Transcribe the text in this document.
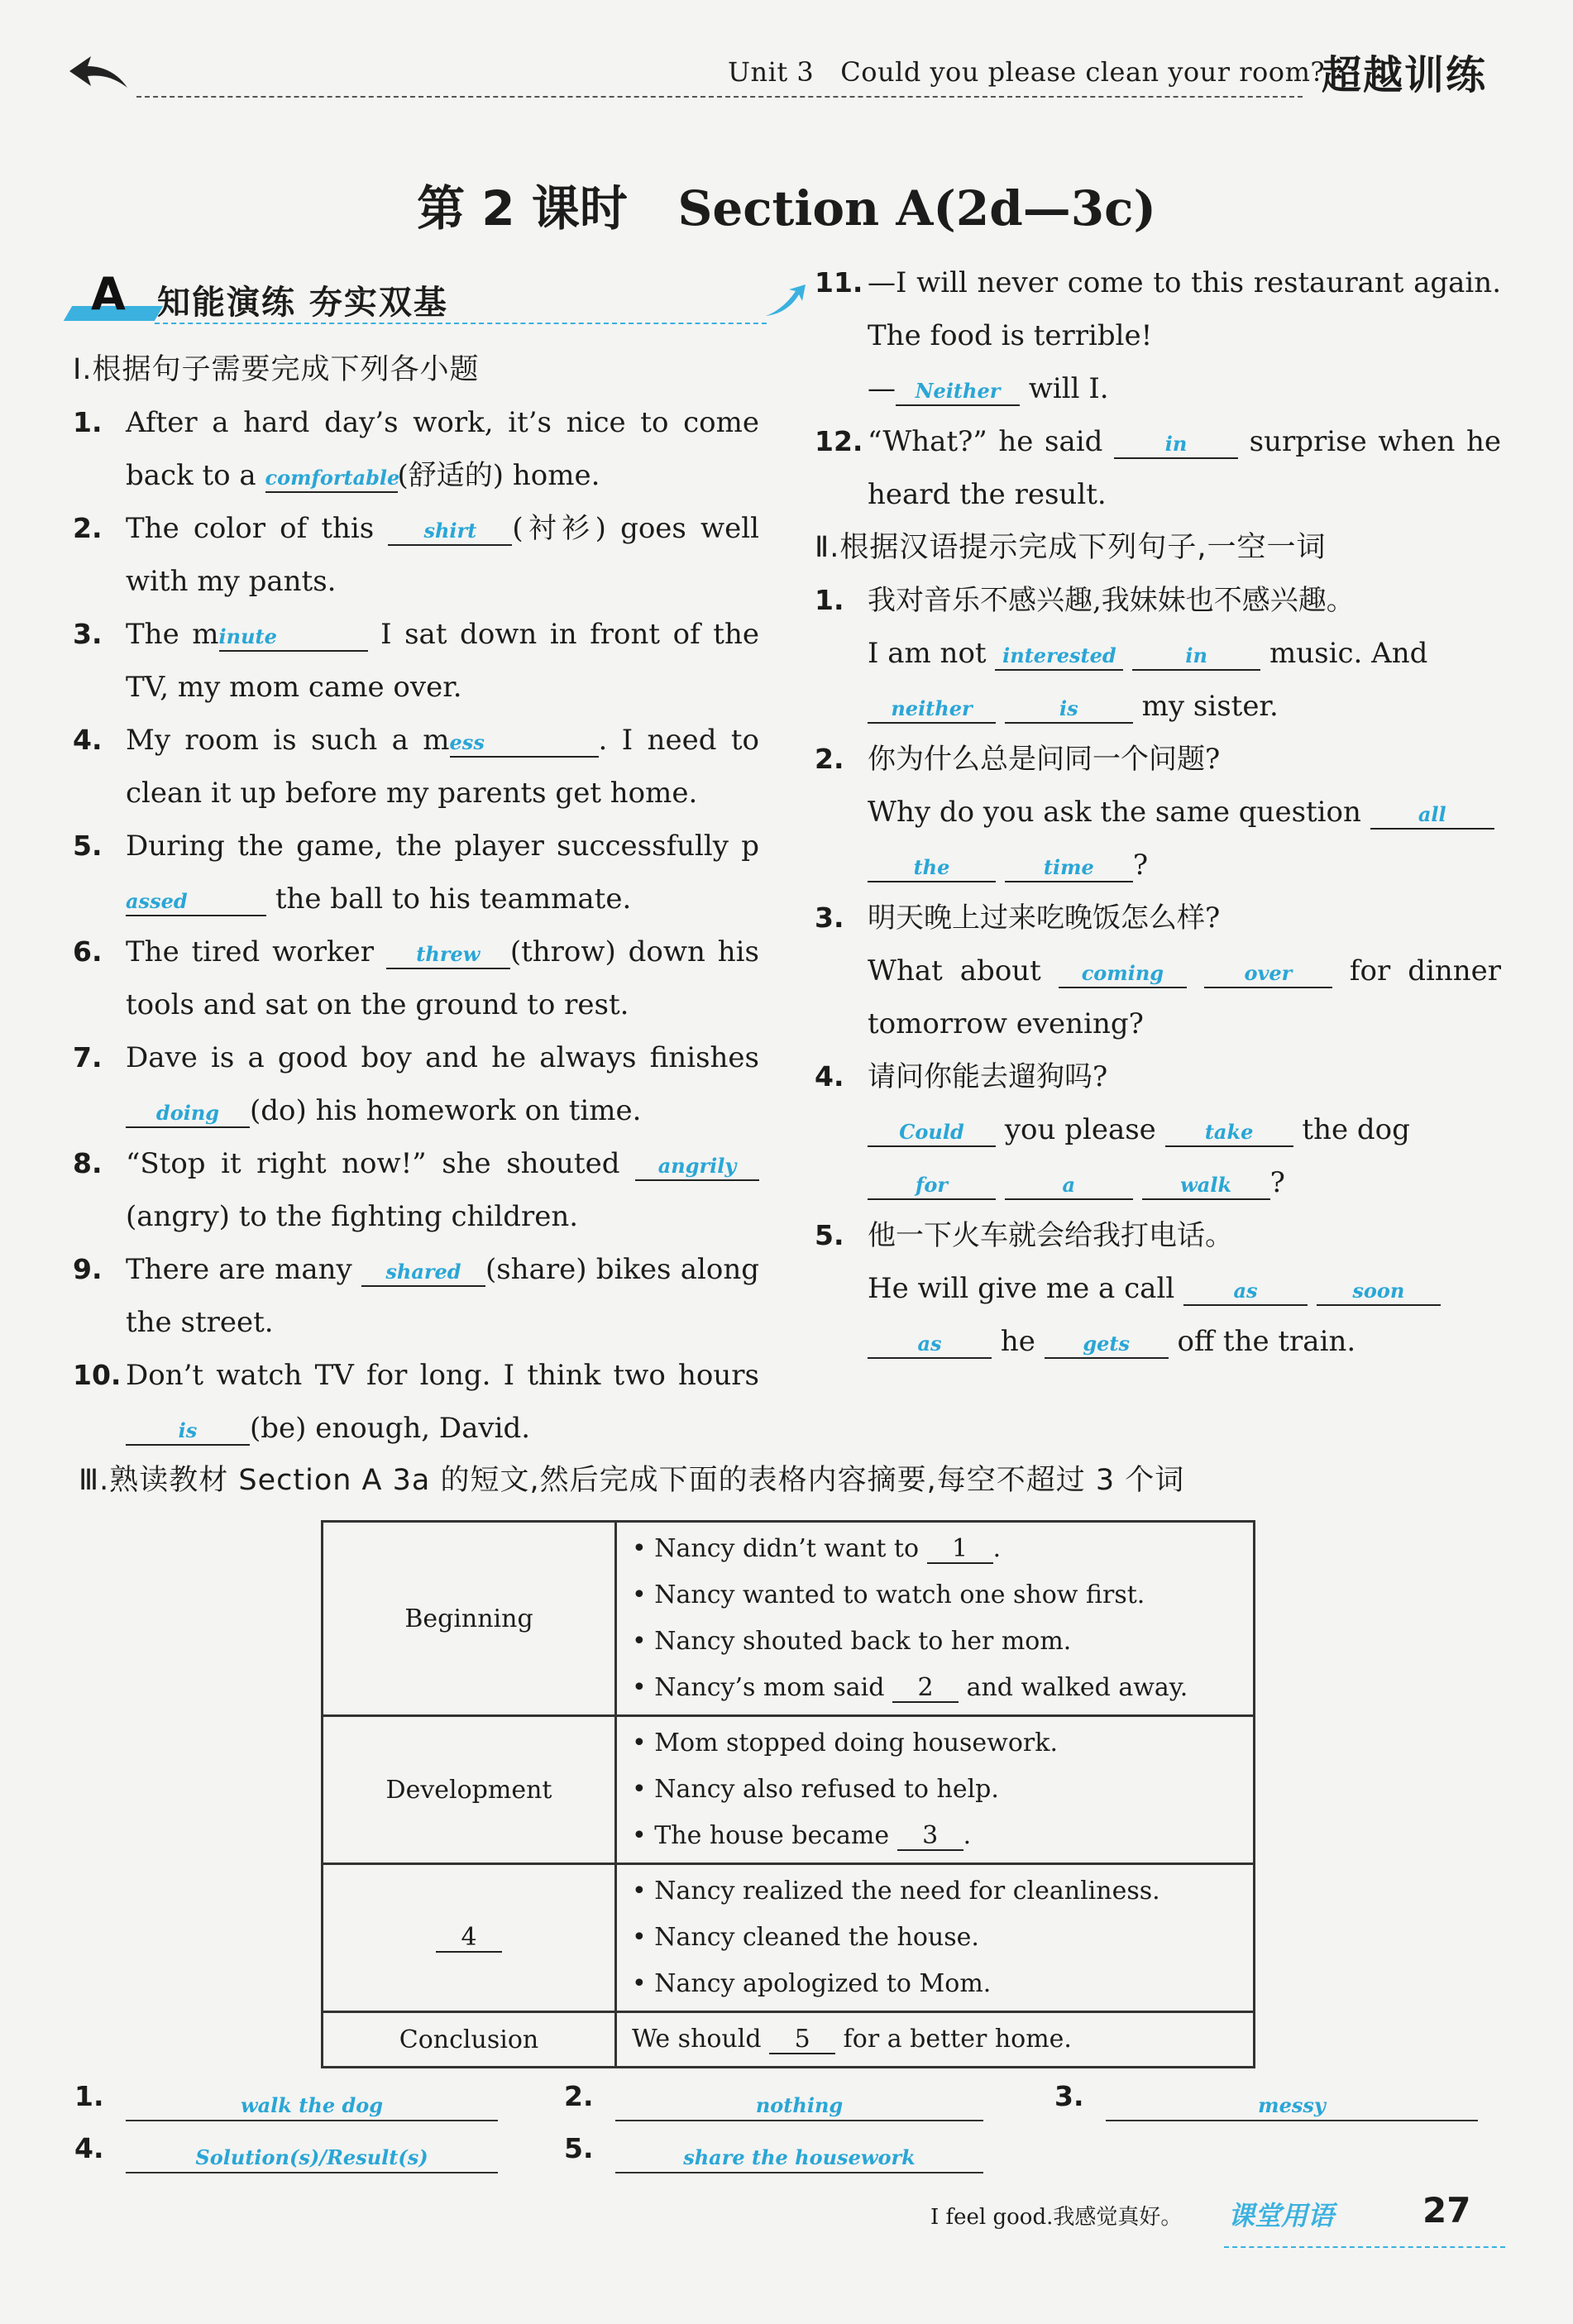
Unit 3 Could you please clean your room?
超越训练
第 2 课时 Section A(2d—3c)
A 知能演练 夯实双基
Ⅰ.根据句子需要完成下列各小题
1. After a hard day’s work, it’s nice to come back to a comfortable(舒适的) home.
2. The color of this	shirt (衬衫) goes well with my pants.
3. The minute	I sat down in front of the TV, my mom came over.
4. My room is such a mess	. I need to clean it up before my parents get home.
5. During the game, the player successfully passed	the ball to his teammate.
6. The tired worker threw (throw) down his tools and sat on the ground to rest.
7. Dave is a good boy and he always finishes doing (do) his homework on time.
8. “Stop it right now!” she shouted angrily(angry) to the fighting children.
9. There are many shared (share) bikes along the street.
10. Don’t watch TV for long. I think two hours is (be) enough, David.
11. —I will never come to this restaurant again. The food is terrible!
— Neither will I.
12. “What?” he said	in surprise when he heard the result.
Ⅱ.根据汉语提示完成下列句子,一空一词
1. 我对音乐不感兴趣,我妹妹也不感兴趣。
I am not interested	in music. And
neither	is my sister.
2. 你为什么总是问同一个问题?
Why do you ask the same question	all
the	time ?
3. 明天晚上过来吃晚饭怎么样?
What about coming	over for dinner tomorrow evening?
4. 请问你能去遛狗吗?
Could you please take the dog
for	a	walk ?
5. 他一下火车就会给我打电话。
He will give me a call	as	soon
as he gets off the train.
Ⅲ.熟读教材 Section A 3a 的短文,然后完成下面的表格内容摘要,每空不超过 3 个词
Beginning	• Nancy didn’t want to 1 .
• Nancy wanted to watch one show first.
• Nancy shouted back to her mom.
• Nancy’s mom said 2 and walked away.

Development	• Mom stopped doing housework.
• Nancy also refused to help.
• The house became 3 .

4	• Nancy realized the need for cleanliness.
• Nancy cleaned the house.
• Nancy apologized to Mom.

Conclusion	We should 5 for a better home.
1.	walk the dog	2.	nothing	3.	messy
4.	Solution(s)/Result(s)	5.	share the housework
I feel good.我感觉真好。 课堂用语	27
